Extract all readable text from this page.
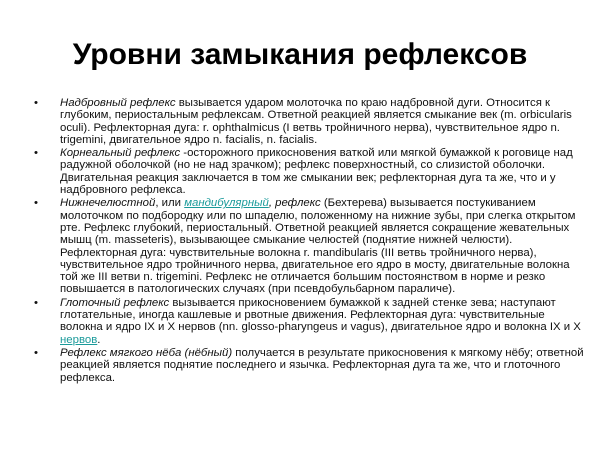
Уровни замыкания рефлексов
• Надбровный рефлекс вызывается ударом молоточка по краю надбровной дуги. Относится к глубоким, периостальным рефлексам. Ответной реакцией является смыкание век (m. orbicularis oculi). Рефлекторная дуга: r. ophthalmicus (I ветвь тройничного нерва), чувствительное ядро n. trigemini, двигательное ядро n. facialis, n. facialis.
• Корнеальный рефлекс -осторожного прикосновения ваткой или мягкой бумажкой к роговице над радужной оболочкой (но не над зрачком); рефлекс поверхностный, со слизистой оболочки. Двигательная реакция заключается в том же смыкании век; рефлекторная дуга та же, что и у надбровного рефлекса.
• Нижнечелюстной, или мандибулярный, рефлекс (Бехтерева) вызывается постукиванием молоточком по подбородку или по шпаделю, положенному на нижние зубы, при слегка открытом рте. Рефлекс глубокий, периостальный. Ответной реакцией является сокращение жевательных мышц (m. masseteris), вызывающее смыкание челюстей (поднятие нижней челюсти). Рефлекторная дуга: чувствительные волокна r. mandibularis (III ветвь тройничного нерва), чувствительное ядро тройничного нерва, двигательное его ядро в мосту, двигательные волокна той же III ветви n. trigemini. Рефлекс не отличается большим постоянством в норме и резко повышается в патологических случаях (при псевдобульбарном параличе).
• Глоточный рефлекс вызывается прикосновением бумажкой к задней стенке зева; наступают глотательные, иногда кашлевые и рвотные движения. Рефлекторная дуга: чувствительные волокна и ядро IX и X нервов (nn. glosso-pharyngeus и vagus), двигательное ядро и волокна IX и X нервов.
• Рефлекс мягкого нёба (нёбный) получается в результате прикосновения к мягкому нёбу; ответной реакцией является поднятие последнего и язычка. Рефлекторная дуга та же, что и глоточного рефлекса.
